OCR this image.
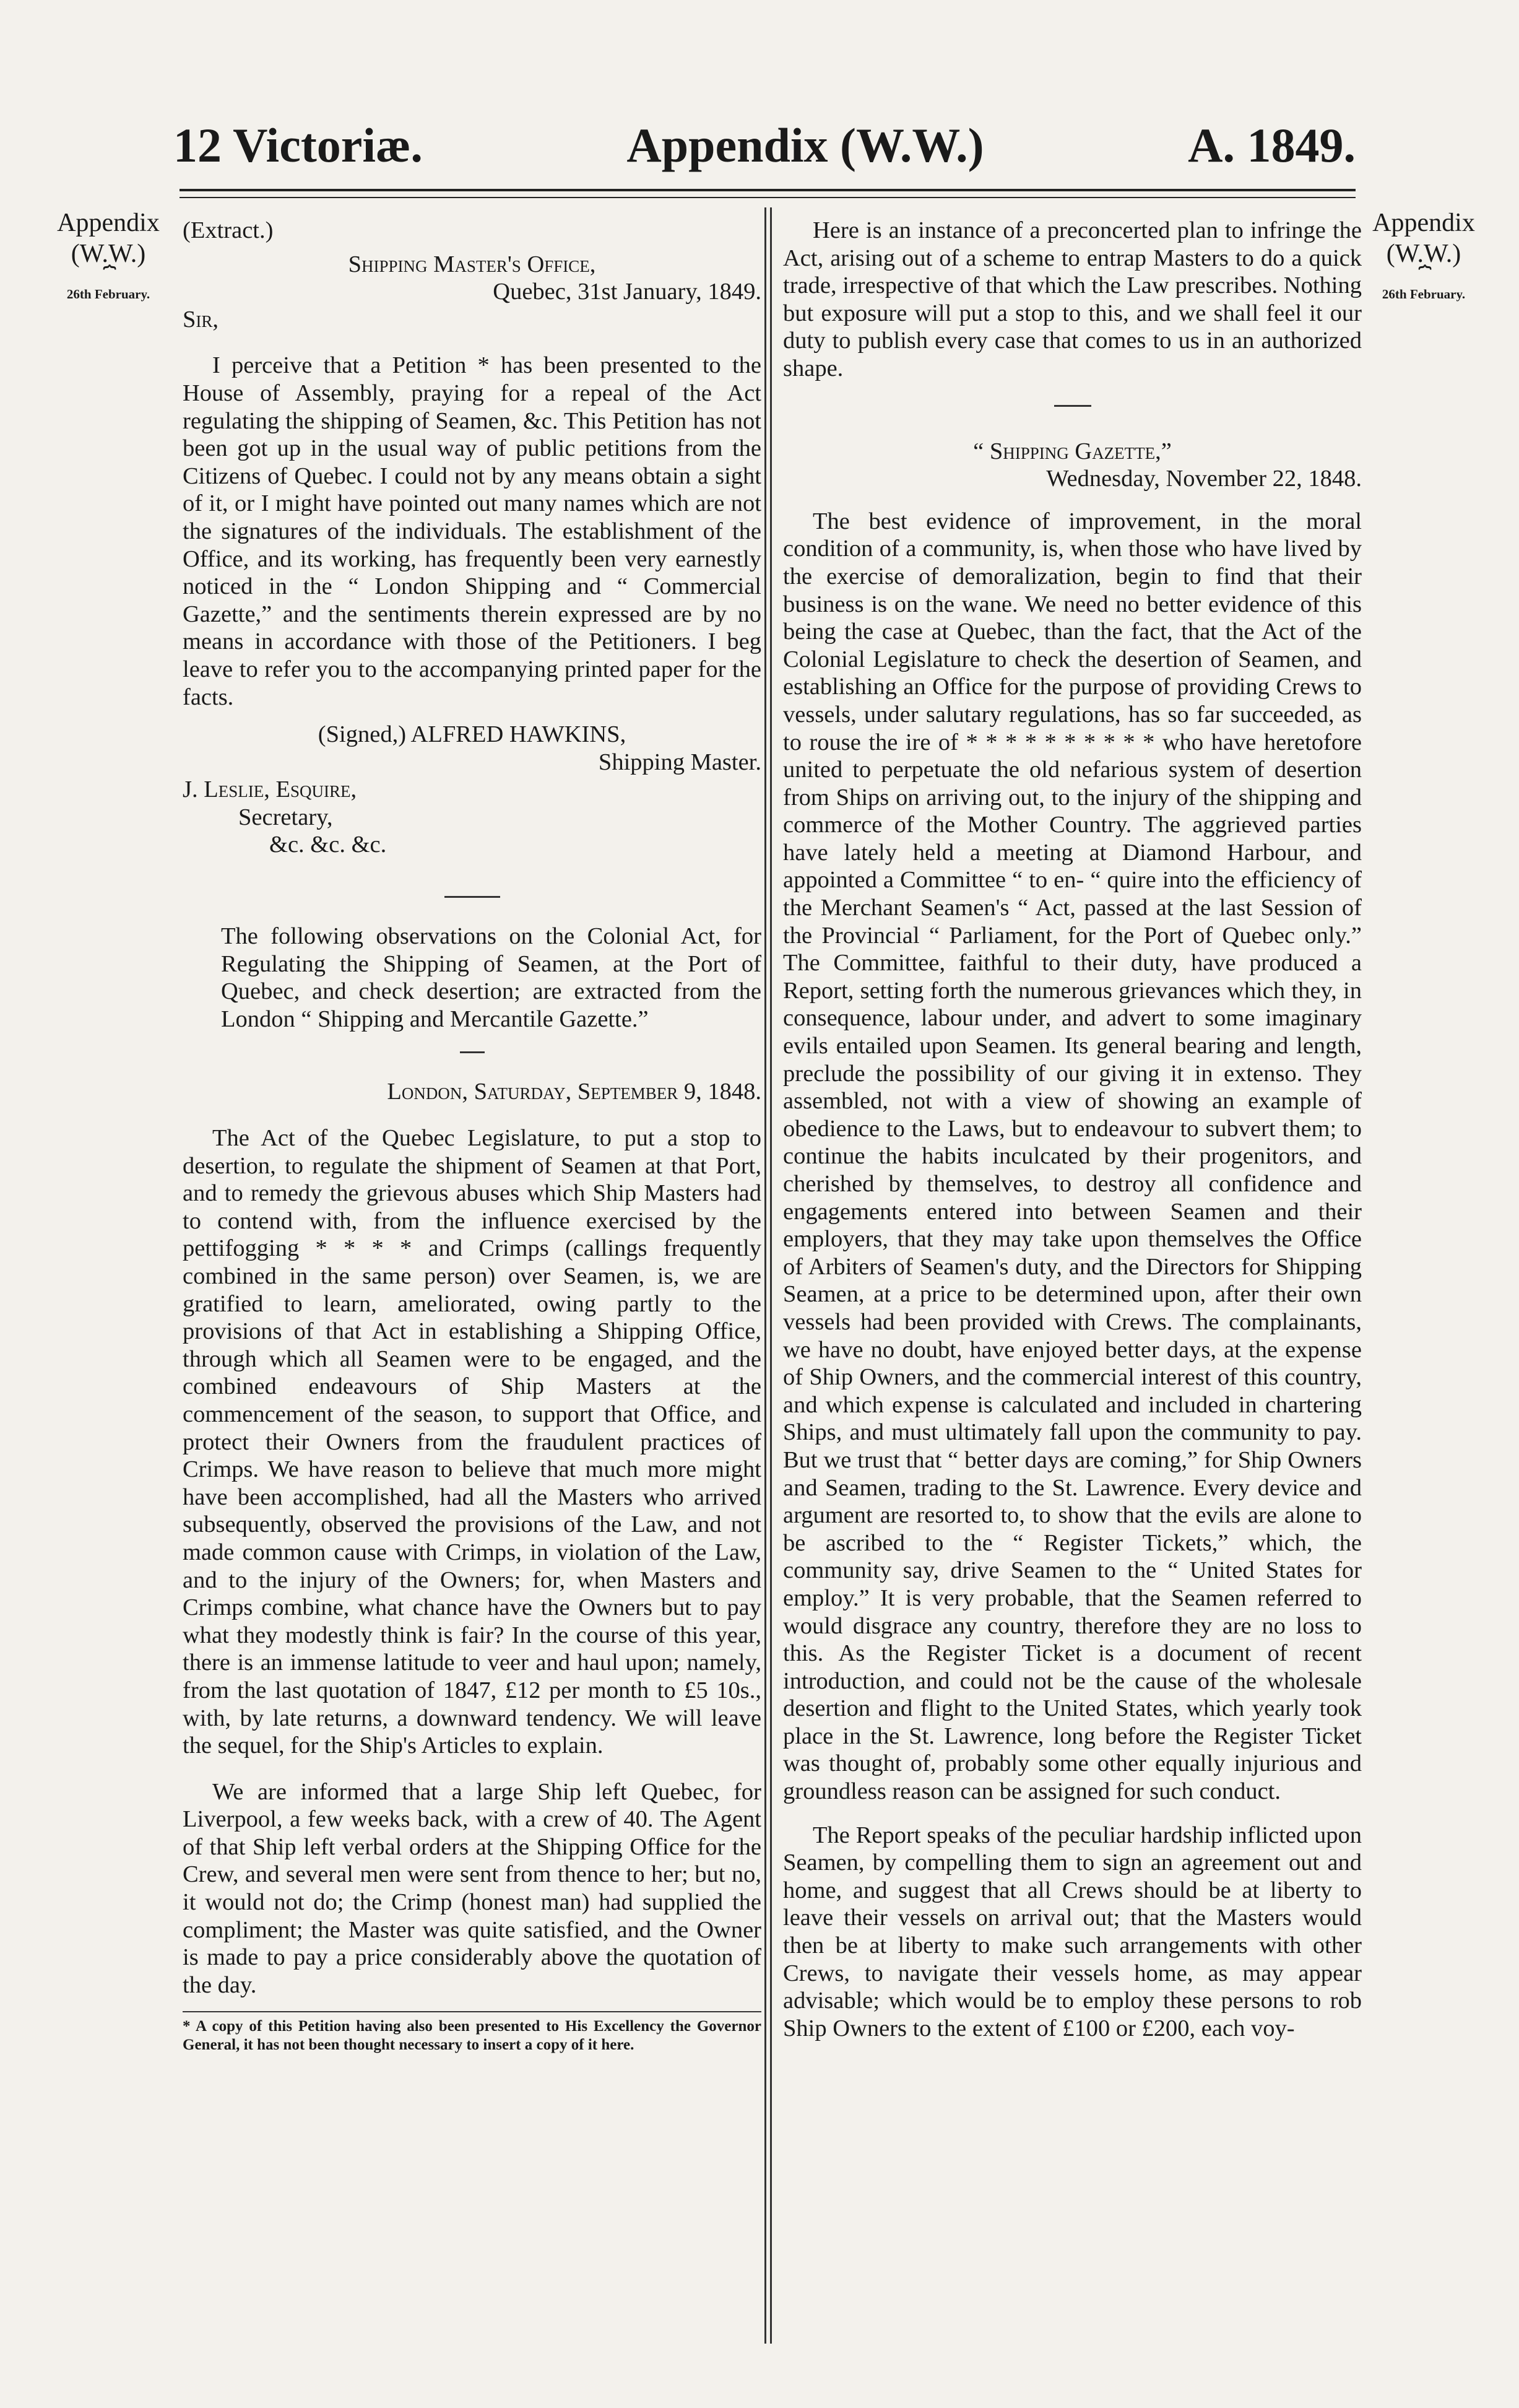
12 Victoriæ.	Appendix (W.W.)	A. 1849.
Appendix
(W.W.)
⏞
26th February.
Appendix
(W.W.)
⏞
26th February.
(Extract.)
Shipping Master's Office,
Quebec, 31st January, 1849.
Sir,

I perceive that a Petition * has been presented to the House of Assembly, praying for a repeal of the Act regulating the shipping of Seamen, &c. This Petition has not been got up in the usual way of public petitions from the Citizens of Quebec. I could not by any means obtain a sight of it, or I might have pointed out many names which are not the signatures of the individuals. The establishment of the Office, and its working, has frequently been very earnestly noticed in the “ London Shipping and “ Commercial Gazette,” and the sentiments therein expressed are by no means in accordance with those of the Petitioners. I beg leave to refer you to the accompanying printed paper for the facts.

(Signed,) ALFRED HAWKINS,
Shipping Master.
J. Leslie, Esquire,
Secretary,
&c. &c. &c.

The following observations on the Colonial Act, for Regulating the Shipping of Seamen, at the Port of Quebec, and check desertion; are extracted from the London “ Shipping and Mercantile Gazette.”

London, Saturday, September 9, 1848.

The Act of the Quebec Legislature, to put a stop to desertion, to regulate the shipment of Seamen at that Port, and to remedy the grievous abuses which Ship Masters had to contend with, from the influence exercised by the pettifogging * * * * and Crimps (callings frequently combined in the same person) over Seamen, is, we are gratified to learn, ameliorated, owing partly to the provisions of that Act in establishing a Shipping Office, through which all Seamen were to be engaged, and the combined endeavours of Ship Masters at the commencement of the season, to support that Office, and protect their Owners from the fraudulent practices of Crimps. We have reason to believe that much more might have been accomplished, had all the Masters who arrived subsequently, observed the provisions of the Law, and not made common cause with Crimps, in violation of the Law, and to the injury of the Owners; for, when Masters and Crimps combine, what chance have the Owners but to pay what they modestly think is fair? In the course of this year, there is an immense latitude to veer and haul upon; namely, from the last quotation of 1847, £12 per month to £5 10s., with, by late returns, a downward tendency. We will leave the sequel, for the Ship's Articles to explain.

We are informed that a large Ship left Quebec, for Liverpool, a few weeks back, with a crew of 40. The Agent of that Ship left verbal orders at the Shipping Office for the Crew, and several men were sent from thence to her; but no, it would not do; the Crimp (honest man) had supplied the compliment; the Master was quite satisfied, and the Owner is made to pay a price considerably above the quotation of the day.

* A copy of this Petition having also been presented to His Excellency the Governor General, it has not been thought necessary to insert a copy of it here.

Here is an instance of a preconcerted plan to infringe the Act, arising out of a scheme to entrap Masters to do a quick trade, irrespective of that which the Law prescribes. Nothing but exposure will put a stop to this, and we shall feel it our duty to publish every case that comes to us in an authorized shape.

“ Shipping Gazette,”
Wednesday, November 22, 1848.

The best evidence of improvement, in the moral condition of a community, is, when those who have lived by the exercise of demoralization, begin to find that their business is on the wane. We need no better evidence of this being the case at Quebec, than the fact, that the Act of the Colonial Legislature to check the desertion of Seamen, and establishing an Office for the purpose of providing Crews to vessels, under salutary regulations, has so far succeeded, as to rouse the ire of * * * * * * * * * * who have heretofore united to perpetuate the old nefarious system of desertion from Ships on arriving out, to the injury of the shipping and commerce of the Mother Country. The aggrieved parties have lately held a meeting at Diamond Harbour, and appointed a Committee “ to en- “ quire into the efficiency of the Merchant Seamen's “ Act, passed at the last Session of the Provincial “ Parliament, for the Port of Quebec only.” The Committee, faithful to their duty, have produced a Report, setting forth the numerous grievances which they, in consequence, labour under, and advert to some imaginary evils entailed upon Seamen. Its general bearing and length, preclude the possibility of our giving it in extenso. They assembled, not with a view of showing an example of obedience to the Laws, but to endeavour to subvert them; to continue the habits inculcated by their progenitors, and cherished by themselves, to destroy all confidence and engagements entered into between Seamen and their employers, that they may take upon themselves the Office of Arbiters of Seamen's duty, and the Directors for Shipping Seamen, at a price to be determined upon, after their own vessels had been provided with Crews. The complainants, we have no doubt, have enjoyed better days, at the expense of Ship Owners, and the commercial interest of this country, and which expense is calculated and included in chartering Ships, and must ultimately fall upon the community to pay. But we trust that “ better days are coming,” for Ship Owners and Seamen, trading to the St. Lawrence. Every device and argument are resorted to, to show that the evils are alone to be ascribed to the “ Register Tickets,” which, the community say, drive Seamen to the “ United States for employ.” It is very probable, that the Seamen referred to would disgrace any country, therefore they are no loss to this. As the Register Ticket is a document of recent introduction, and could not be the cause of the wholesale desertion and flight to the United States, which yearly took place in the St. Lawrence, long before the Register Ticket was thought of, probably some other equally injurious and groundless reason can be assigned for such conduct.

The Report speaks of the peculiar hardship inflicted upon Seamen, by compelling them to sign an agreement out and home, and suggest that all Crews should be at liberty to leave their vessels on arrival out; that the Masters would then be at liberty to make such arrangements with other Crews, to navigate their vessels home, as may appear advisable; which would be to employ these persons to rob Ship Owners to the extent of £100 or £200, each voy-
